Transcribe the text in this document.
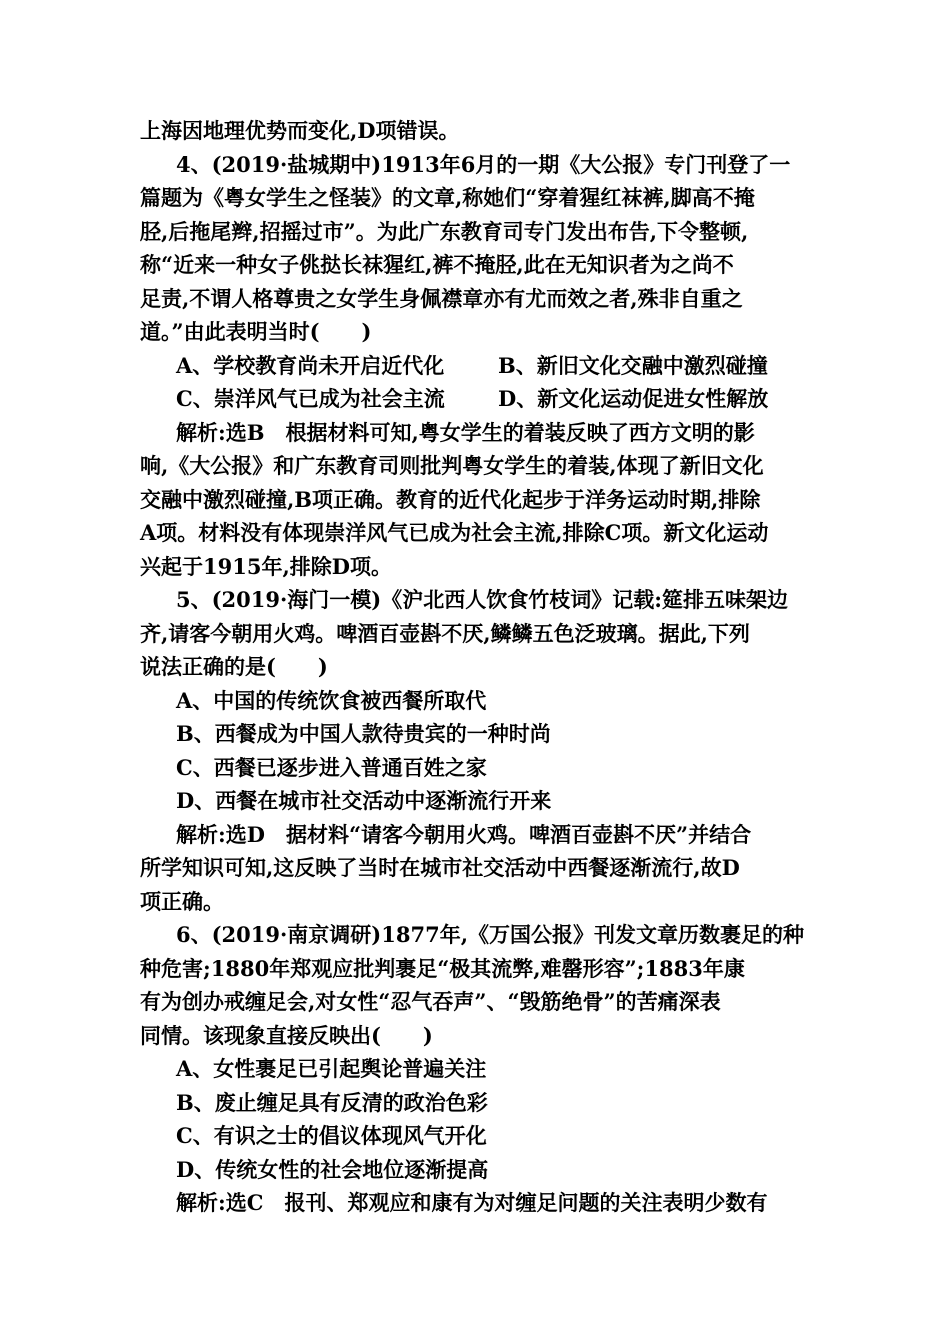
上海因地理优势而变化,D项错误。
4、(2019·盐城期中)1913年6月的一期《大公报》专门刊登了一
篇题为《粤女学生之怪装》的文章,称她们“穿着猩红袜裤,脚高不掩
胫,后拖尾辫,招摇过市”。为此广东教育司专门发出布告,下令整顿,
称“近来一种女子佻挞长袜猩红,裤不掩胫,此在无知识者为之尚不
足责,不谓人格尊贵之女学生身佩襟章亦有尤而效之者,殊非自重之
道。”由此表明当时(　　)
A、学校教育尚未开启近代化	B、新旧文化交融中激烈碰撞
C、崇洋风气已成为社会主流	D、新文化运动促进女性解放
解析:选B　根据材料可知,粤女学生的着装反映了西方文明的影
响,《大公报》和广东教育司则批判粤女学生的着装,体现了新旧文化
交融中激烈碰撞,B项正确。教育的近代化起步于洋务运动时期,排除
A项。材料没有体现崇洋风气已成为社会主流,排除C项。新文化运动
兴起于1915年,排除D项。
5、(2019·海门一模)《沪北西人饮食竹枝词》记载:筵排五味架边
齐,请客今朝用火鸡。啤酒百壶斟不厌,鳞鳞五色泛玻璃。据此,下列
说法正确的是(　　)
A、中国的传统饮食被西餐所取代
B、西餐成为中国人款待贵宾的一种时尚
C、西餐已逐步进入普通百姓之家
D、西餐在城市社交活动中逐渐流行开来
解析:选D　据材料“请客今朝用火鸡。啤酒百壶斟不厌”并结合
所学知识可知,这反映了当时在城市社交活动中西餐逐渐流行,故D
项正确。
6、(2019·南京调研)1877年,《万国公报》刊发文章历数裹足的种
种危害;1880年郑观应批判裹足“极其流弊,难罄形容”;1883年康
有为创办戒缠足会,对女性“忍气吞声”、“毁筋绝骨”的苦痛深表
同情。该现象直接反映出(　　)
A、女性裹足已引起舆论普遍关注
B、废止缠足具有反清的政治色彩
C、有识之士的倡议体现风气开化
D、传统女性的社会地位逐渐提高
解析:选C　报刊、郑观应和康有为对缠足问题的关注表明少数有
